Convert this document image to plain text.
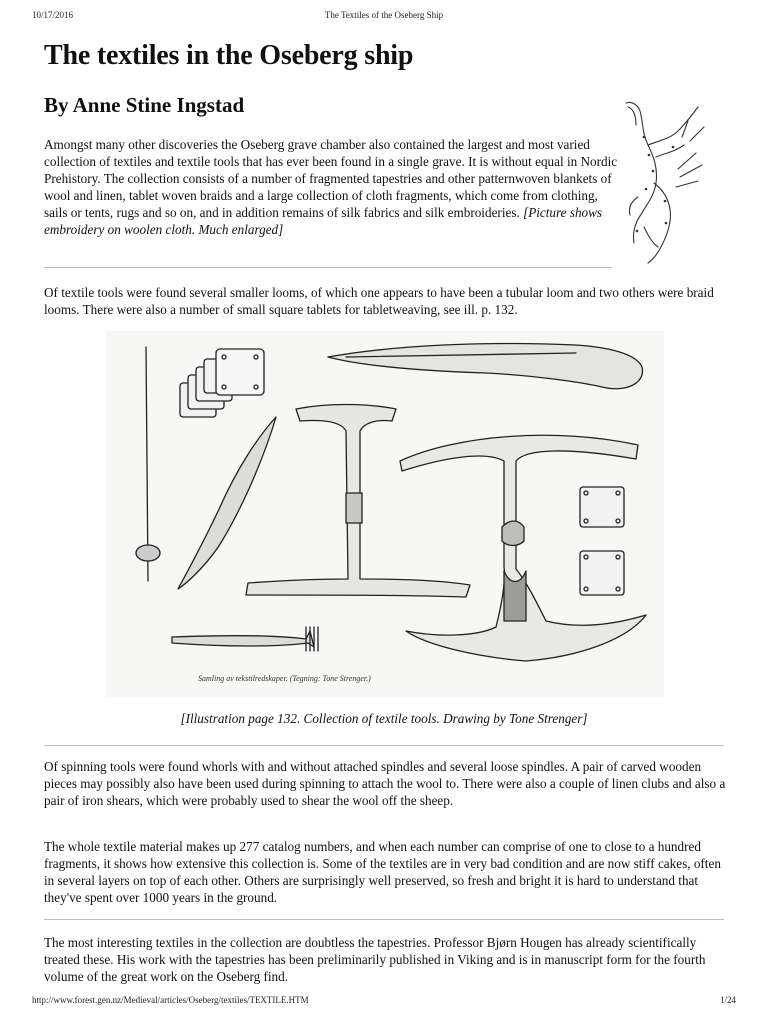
10/17/2016	The Textiles of the Oseberg Ship
The textiles in the Oseberg ship
By Anne Stine Ingstad

Amongst many other discoveries the Oseberg grave chamber also contained the largest and most varied collection of textiles and textile tools that has ever been found in a single grave. It is without equal in Nordic Prehistory. The collection consists of a number of fragmented tapestries and other patternwoven blankets of wool and linen, tablet woven braids and a large collection of cloth fragments, which come from clothing, sails or tents, rugs and so on, and in addition remains of silk fabrics and silk embroideries. [Picture shows embroidery on woolen cloth. Much enlarged]

Of textile tools were found several smaller looms, of which one appears to have been a tubular loom and two others were braid looms. There were also a number of small square tablets for tabletweaving, see ill. p. 132.

Samling av tekstilredskaper. (Tegning: Tone Strenger.)
[Illustration page 132. Collection of textile tools. Drawing by Tone Strenger]

Of spinning tools were found whorls with and without attached spindles and several loose spindles. A pair of carved wooden pieces may possibly also have been used during spinning to attach the wool to. There were also a couple of linen clubs and also a pair of iron shears, which were probably used to shear the wool off the sheep.

The whole textile material makes up 277 catalog numbers, and when each number can comprise of one to close to a hundred fragments, it shows how extensive this collection is. Some of the textiles are in very bad condition and are now stiff cakes, often in several layers on top of each other. Others are surprisingly well preserved, so fresh and bright it is hard to understand that they've spent over 1000 years in the ground.

The most interesting textiles in the collection are doubtless the tapestries. Professor Bjørn Hougen has already scientifically treated these. His work with the tapestries has been preliminarily published in Viking and is in manuscript form for the fourth volume of the great work on the Oseberg find.

http://www.forest.gen.nz/Medieval/articles/Oseberg/textiles/TEXTILE.HTM	1/24
